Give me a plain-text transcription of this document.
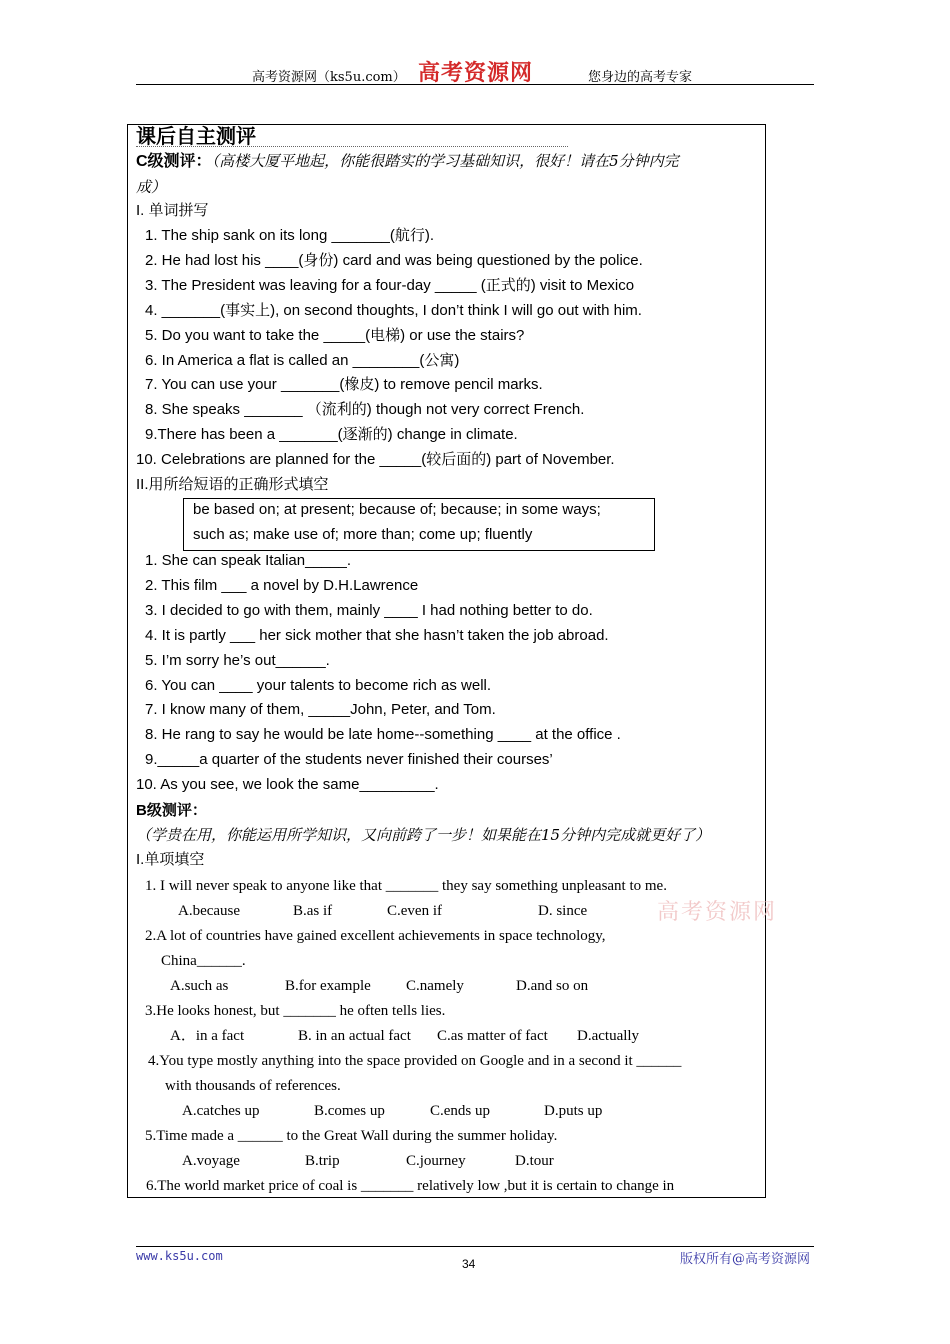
高考资源网（ks5u.com） 高考资源网	您身边的高考专家
课后自主测评
C级测评：（高楼大厦平地起，你能很踏实的学习基础知识，很好！请在5分钟内完
成）
I. 单词拼写
1. The ship sank on its long _______(航行).
2. He had lost his ____(身份) card and was being questioned by the police.
3. The President was leaving for a four-day _____ (正式的) visit to Mexico
4. _______(事实上), on second thoughts, I don’t think I will go out with him.
5. Do you want to take the _____(电梯) or use the stairs?
6. In America a flat is called an ________(公寓)
7. You can use your _______(橡皮) to remove pencil marks.
8. She speaks _______ （流利的) though not very correct French.
9.There has been a _______(逐渐的) change in climate.
10. Celebrations are planned for the _____(较后面的) part of November.
II.用所给短语的正确形式填空
be based on; at present; because of; because; in some ways;
such as; make use of; more than; come up; fluently
1. She can speak Italian_____.
2. This film ___ a novel by D.H.Lawrence
3. I decided to go with them, mainly ____ I had nothing better to do.
4. It is partly ___ her sick mother that she hasn’t taken the job abroad.
5. I’m sorry he’s out______.
6. You can ____ your talents to become rich as well.
7. I know many of them, _____John, Peter, and Tom.
8. He rang to say he would be late home--something ____ at the office .
9._____a quarter of the students never finished their courses’
10. As you see, we look the same_________.
B级测评：
（学贵在用，你能运用所学知识，又向前跨了一步！如果能在15分钟内完成就更好了）
I.单项填空
1. I will never speak to anyone like that _______ they say something unpleasant to me.
A.because	B.as if	C.even if	D. since
2.A lot of countries have gained excellent achievements in space technology,
China______.
A.such as	B.for example C.namely	D.and so on
3.He looks honest, but _______ he often tells lies.
A．in a fact	B. in an actual fact C.as matter of fact D.actually
4.You type mostly anything into the space provided on Google and in a second it ______
with thousands of references.
A.catches up	B.comes up	C.ends up	D.puts up
5.Time made a ______ to the Great Wall during the summer holiday.
A.voyage	B.trip	C.journey	D.tour
6.The world market price of coal is _______ relatively low ,but it is certain to change in
高考资源网
www.ks5u.com
34	版权所有@高考资源网
